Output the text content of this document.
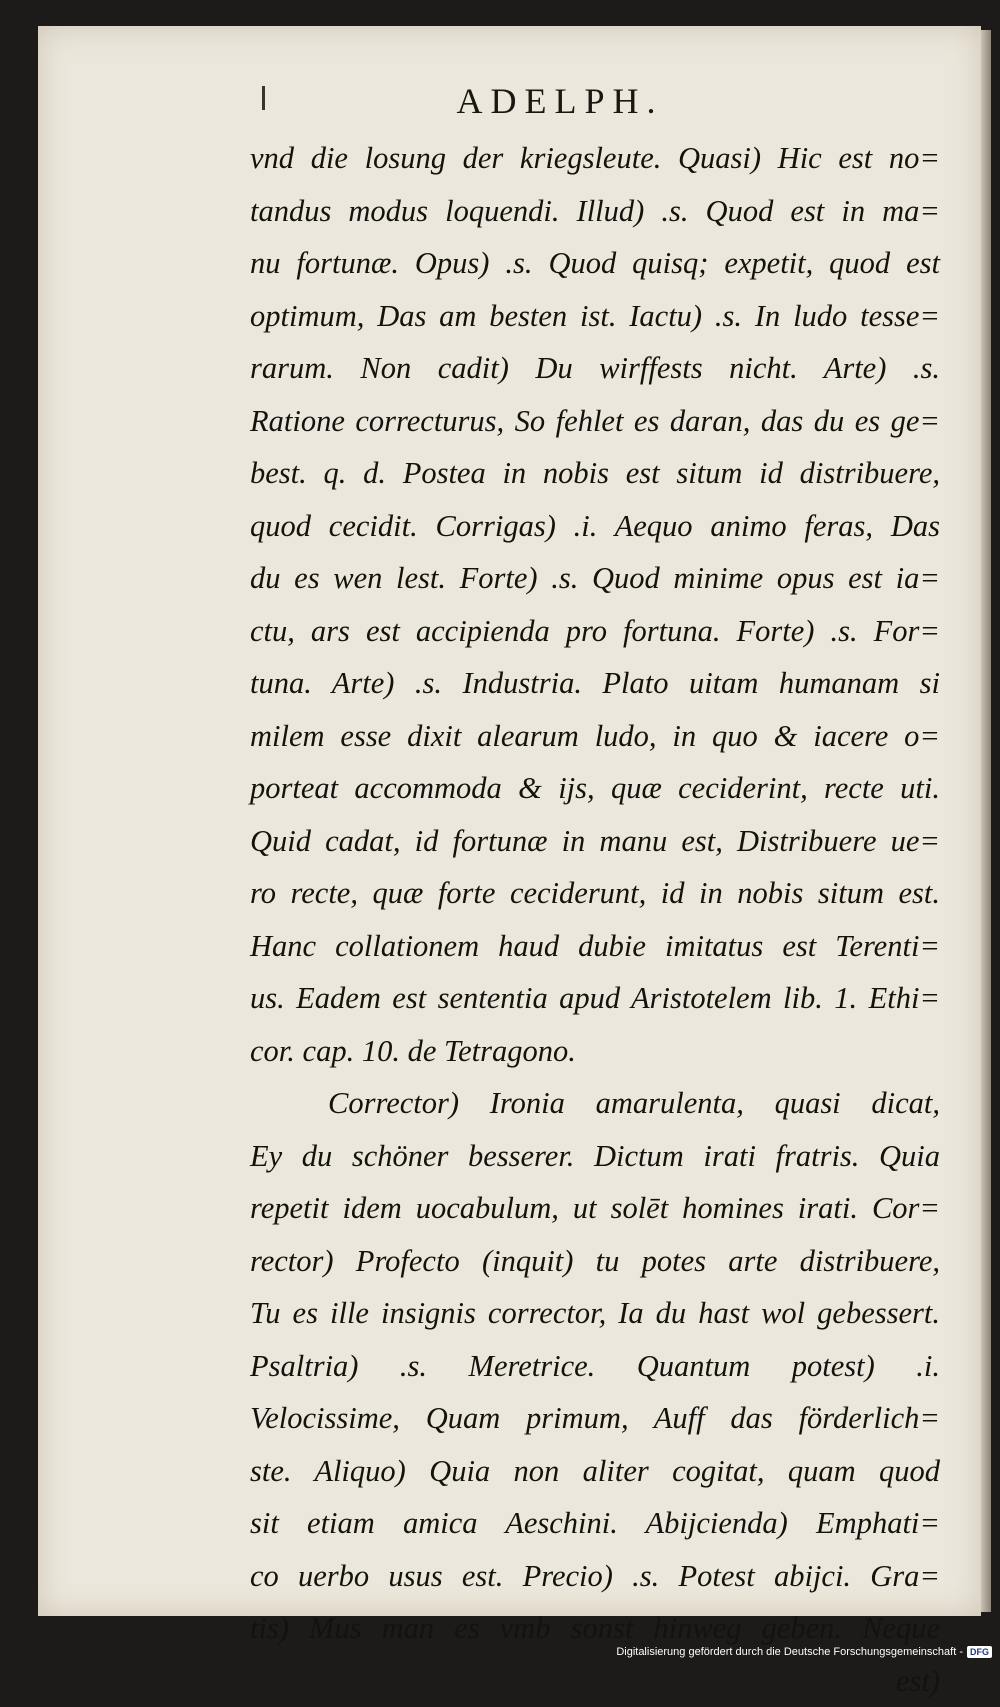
ADELPH.
vnd die losung der kriegsleute. Quasi) Hic est no=
tandus modus loquendi. Illud) .s. Quod est in ma=
nu fortunæ. Opus) .s. Quod quisq; expetit, quod est
optimum, Das am besten ist. Iactu) .s. In ludo tesse=
rarum. Non cadit) Du wirffests nicht. Arte) .s.
Ratione correcturus, So fehlet es daran, das du es ge=
best. q. d. Postea in nobis est situm id distribuere,
quod cecidit. Corrigas) .i. Aequo animo feras, Das
du es wen lest. Forte) .s. Quod minime opus est ia=
ctu, ars est accipienda pro fortuna. Forte) .s. For=
tuna. Arte) .s. Industria. Plato uitam humanam si
milem esse dixit alearum ludo, in quo & iacere o=
porteat accommoda & ijs, quæ ceciderint, recte uti.
Quid cadat, id fortunæ in manu est, Distribuere ue=
ro recte, quæ forte ceciderunt, id in nobis situm est.
Hanc collationem haud dubie imitatus est Terenti=
us. Eadem est sententia apud Aristotelem lib. 1. Ethi=
cor. cap. 10. de Tetragono.
Corrector) Ironia amarulenta, quasi dicat,
Ey du schöner besserer. Dictum irati fratris. Quia
repetit idem uocabulum, ut solēt homines irati. Cor=
rector) Profecto (inquit) tu potes arte distribuere,
Tu es ille insignis corrector, Ia du hast wol gebessert.
Psaltria) .s. Meretrice. Quantum potest) .i.
Velocissime, Quam primum, Auff das förderlich=
ste. Aliquo) Quia non aliter cogitat, quam quod
sit etiam amica Aeschini. Abijcienda) Emphati=
co uerbo usus est. Precio) .s. Potest abijci. Gra=
tis) Mus man es vmb sonst hinweg geben. Neque
est)
Digitalisierung gefördert durch die Deutsche Forschungsgemeinschaft - DFG
